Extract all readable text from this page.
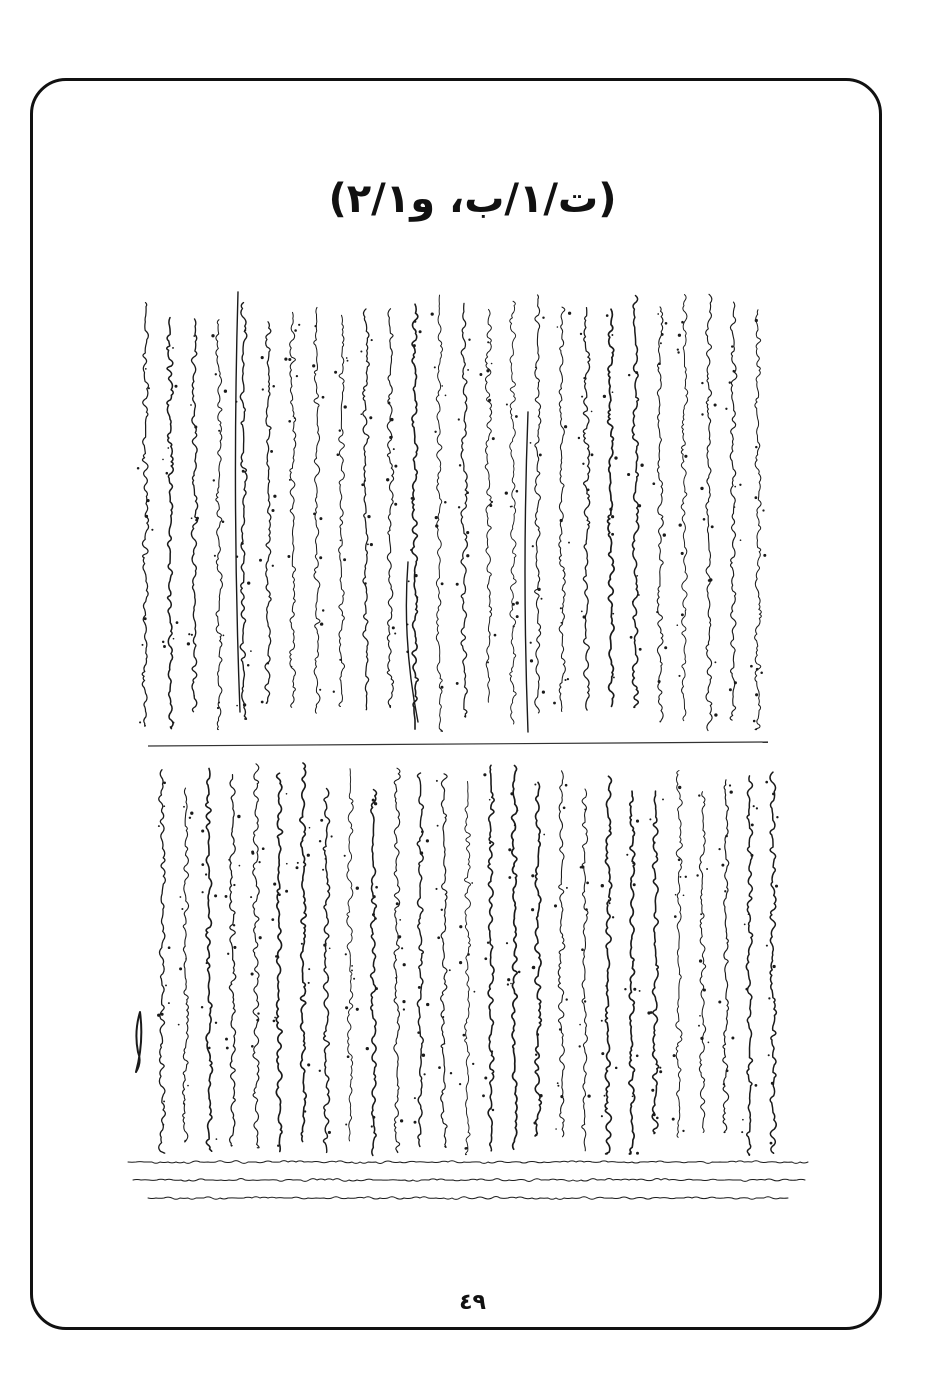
(ت/١/ب، و٢/١)
٤٩
